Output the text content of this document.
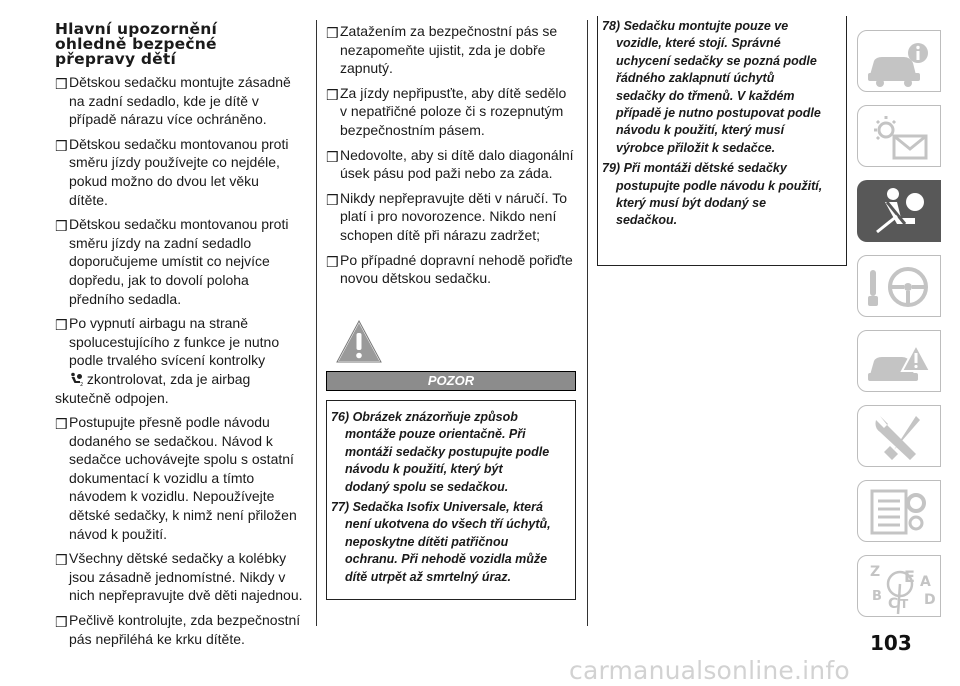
Hlavní upozornění
ohledně bezpečné
přepravy dětí
❒ Dětskou sedačku montujte zásadně
na zadní sedadlo, kde je dítě v
případě nárazu více ochráněno.
❒ Dětskou sedačku montovanou proti
směru jízdy používejte co nejdéle,
pokud možno do dvou let věku
dítěte.
❒ Dětskou sedačku montovanou proti
směru jízdy na zadní sedadlo
doporučujeme umístit co nejvíce
dopředu, jak to dovolí poloha
předního sedadla.
❒ Po vypnutí airbagu na straně
spolucestujícího z funkce je nutno
podle trvalého svícení kontrolky
2 zkontrolovat, zda je airbag
skutečně odpojen.
❒ Postupujte přesně podle návodu
dodaného se sedačkou. Návod k
sedačce uchovávejte spolu s ostatní
dokumentací k vozidlu a tímto
návodem k vozidlu. Nepoužívejte
dětské sedačky, k nimž není přiložen
návod k použití.
❒ Všechny dětské sedačky a kolébky
jsou zásadně jednomístné. Nikdy v
nich nepřepravujte dvě děti najednou.
❒ Pečlivě kontrolujte, zda bezpečnostní
pás nepřiléhá ke krku dítěte.
❒ Zatažením za bezpečnostní pás se
nezapomeňte ujistit, zda je dobře
zapnutý.
❒ Za jízdy nepřipusťte, aby dítě sedělo
v nepatřičné poloze či s rozepnutým
bezpečnostním pásem.
❒ Nedovolte, aby si dítě dalo diagonální
úsek pásu pod paži nebo za záda.
❒ Nikdy nepřepravujte děti v náručí. To
platí i pro novorozence. Nikdo není
schopen dítě při nárazu zadržet;
❒ Po případné dopravní nehodě pořiďte
novou dětskou sedačku.
POZOR
76) Obrázek znázorňuje způsob
montáže pouze orientačně. Při
montáži sedačky postupujte podle
návodu k použití, který být
dodaný spolu se sedačkou.
77) Sedačka Isofix Universale, která
není ukotvena do všech tří úchytů,
neposkytne dítěti patřičnou
ochranu. Při nehodě vozidla může
dítě utrpět až smrtelný úraz.
78) Sedačku montujte pouze ve
vozidle, které stojí. Správné
uchycení sedačky se pozná podle
řádného zaklapnutí úchytů
sedačky do třmenů. V každém
případě je nutno postupovat podle
návodu k použití, který musí
výrobce přiložit k sedačce.
79) Při montáži dětské sedačky
postupujte podle návodu k použití,
který musí být dodaný se
sedačkou.
Z E A
B C T D
103
carmanualsonline.info
